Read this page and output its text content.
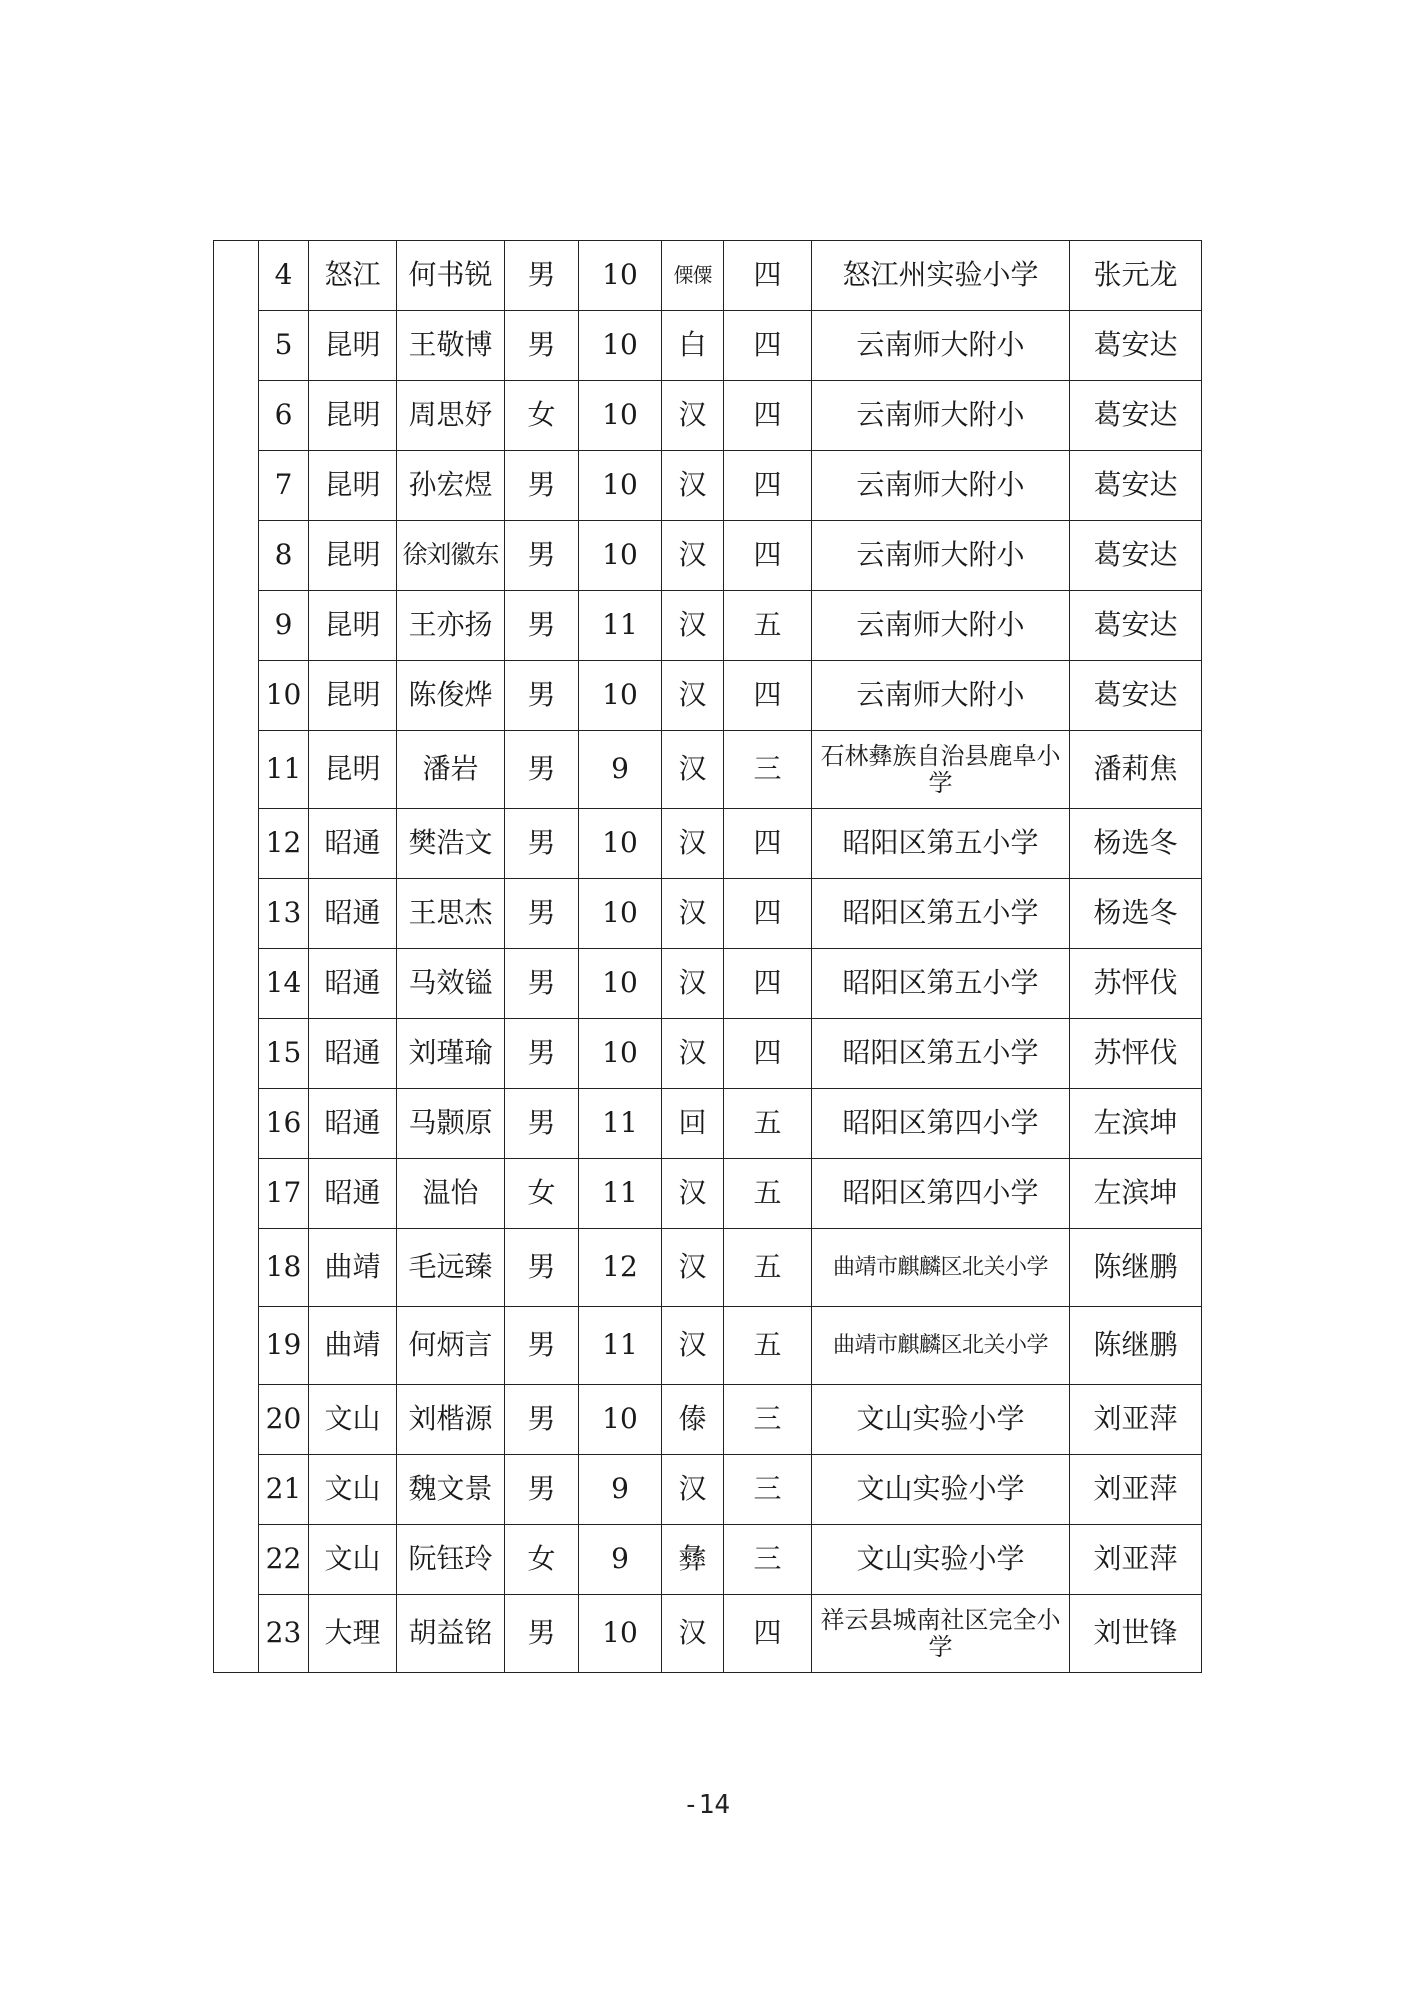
	4	怒江	何书锐	男	10	傈僳	四	怒江州实验小学	张元龙
	5	昆明	王敬博	男	10	白	四	云南师大附小	葛安达
	6	昆明	周思妤	女	10	汉	四	云南师大附小	葛安达
	7	昆明	孙宏煜	男	10	汉	四	云南师大附小	葛安达
	8	昆明	徐刘徽东	男	10	汉	四	云南师大附小	葛安达
	9	昆明	王亦扬	男	11	汉	五	云南师大附小	葛安达
	10	昆明	陈俊烨	男	10	汉	四	云南师大附小	葛安达
	11	昆明	潘岩	男	9	汉	三	石林彝族自治县鹿阜小学	潘莉焦
	12	昭通	樊浩文	男	10	汉	四	昭阳区第五小学	杨选冬
	13	昭通	王思杰	男	10	汉	四	昭阳区第五小学	杨选冬
	14	昭通	马效镒	男	10	汉	四	昭阳区第五小学	苏怦伐
	15	昭通	刘瑾瑜	男	10	汉	四	昭阳区第五小学	苏怦伐
	16	昭通	马颢原	男	11	回	五	昭阳区第四小学	左滨坤
	17	昭通	温怡	女	11	汉	五	昭阳区第四小学	左滨坤
	18	曲靖	毛远臻	男	12	汉	五	曲靖市麒麟区北关小学	陈继鹏
	19	曲靖	何炳言	男	11	汉	五	曲靖市麒麟区北关小学	陈继鹏
	20	文山	刘楷源	男	10	傣	三	文山实验小学	刘亚萍
	21	文山	魏文景	男	9	汉	三	文山实验小学	刘亚萍
	22	文山	阮钰玲	女	9	彝	三	文山实验小学	刘亚萍
	23	大理	胡益铭	男	10	汉	四	祥云县城南社区完全小学	刘世锋
-14
